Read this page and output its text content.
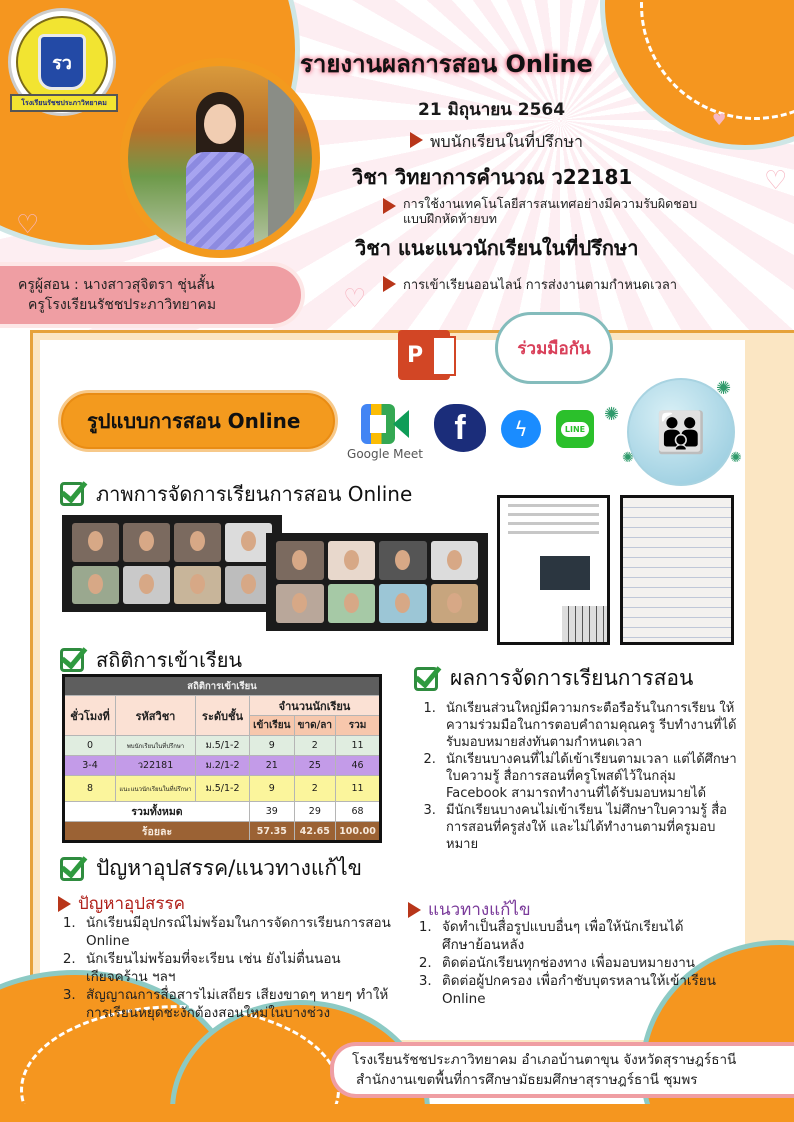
♡
♡
♡
♥
รว
โรงเรียนรัชชประภาวิทยาคม
ครูผู้สอน : นางสาวสุจิตรา ชุ่นสั้น
ครูโรงเรียนรัชชประภาวิทยาคม
รายงานผลการสอน Online
21 มิถุนายน 2564
พบนักเรียนในที่ปรึกษา
วิชา วิทยาการคำนวณ ว22181
การใช้งานเทคโนโลยีสารสนเทศอย่างมีความรับผิดชอบ
แบบฝึกหัดท้ายบท
วิชา แนะแนวนักเรียนในที่ปรึกษา
การเข้าเรียนออนไลน์ การส่งงานตามกำหนดเวลา
P	ร่วมมือกัน
รูปแบบการสอน Online
Google Meet
f	ϟ	LINE	👪
✺
✺
✺	✺
ภาพการจัดการเรียนการสอน Online
สถิติการเข้าเรียน
สถิติการเข้าเรียน					
ชั่วโมงที่	รหัสวิชา	ระดับชั้น	จำนวนนักเรียน		
			เข้าเรียน	ขาด/ลา	รวม
0	พบนักเรียนในที่ปรึกษา	ม.5/1-2	9	2	11
3-4	ว22181	ม.2/1-2	21	25	46
8	แนะแนวนักเรียนในที่ปรึกษา	ม.5/1-2	9	2	11
รวมทั้งหมด			39	29	68
ร้อยละ			57.35	42.65	100.00
ผลการจัดการเรียนการสอน
1. นักเรียนส่วนใหญ่มีความกระตือรือร้นในการเรียน ให้ความร่วมมือในการตอบคำถามคุณครู รีบทำงานที่ได้รับมอบหมายส่งทันตามกำหนดเวลา
2. นักเรียนบางคนที่ไม่ได้เข้าเรียนตามเวลา แต่ได้ศึกษาใบความรู้ สื่อการสอนที่ครูโพสต์ไว้ในกลุ่ม Facebook สามารถทำงานที่ได้รับมอบหมายได้
3. มีนักเรียนบางคนไม่เข้าเรียน ไม่ศึกษาใบความรู้ สื่อการสอนที่ครูส่งให้ และไม่ได้ทำงานตามที่ครูมอบหมาย
ปัญหาอุปสรรค/แนวทางแก้ไข
ปัญหาอุปสรรค
1. นักเรียนมีอุปกรณ์ไม่พร้อมในการจัดการเรียนการสอน Online
2. นักเรียนไม่พร้อมที่จะเรียน เช่น ยังไม่ตื่นนอน เกียจคร้าน ฯลฯ
3. สัญญาณการสื่อสารไม่เสถียร เสียงขาดๆ หายๆ ทำให้การเรียนหยุดชะงักต้องสอนใหม่ในบางช่วง
แนวทางแก้ไข
1. จัดทำเป็นสื่อรูปแบบอื่นๆ เพื่อให้นักเรียนได้ศึกษาย้อนหลัง
2. ติดต่อนักเรียนทุกช่องทาง เพื่อมอบหมายงาน
3. ติดต่อผู้ปกครอง เพื่อกำชับบุตรหลานให้เข้าเรียน Online
โรงเรียนรัชชประภาวิทยาคม อำเภอบ้านตาขุน จังหวัดสุราษฎร์ธานี
สำนักงานเขตพื้นที่การศึกษามัธยมศึกษาสุราษฎร์ธานี ชุมพร
